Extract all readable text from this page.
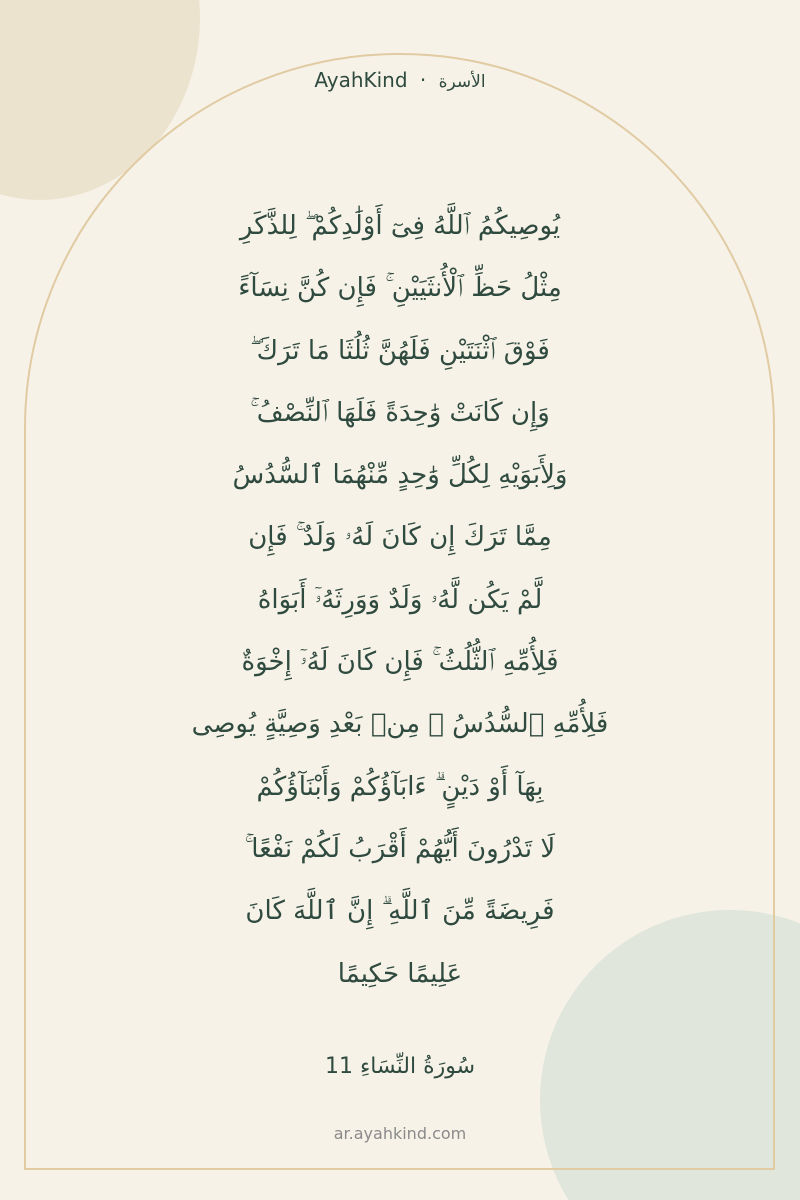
AyahKind · الأسرة
يُوصِيكُمُ ٱللَّهُ فِىٓ أَوْلَٰدِكُمْ ۖ لِلذَّكَرِ
مِثْلُ حَظِّ ٱلْأُنثَيَيْنِ ۚ فَإِن كُنَّ نِسَآءً
فَوْقَ ٱثْنَتَيْنِ فَلَهُنَّ ثُلُثَا مَا تَرَكَ ۖ
وَإِن كَانَتْ وَٰحِدَةً فَلَهَا ٱلنِّصْفُ ۚ
وَلِأَبَوَيْهِ لِكُلِّ وَٰحِدٍ مِّنْهُمَا ٱلسُّدُسُ
مِمَّا تَرَكَ إِن كَانَ لَهُۥ وَلَدٌ ۚ فَإِن
لَّمْ يَكُن لَّهُۥ وَلَدٌ وَوَرِثَهُۥٓ أَبَوَاهُ
فَلِأُمِّهِ ٱلثُّلُثُ ۚ فَإِن كَانَ لَهُۥٓ إِخْوَةٌ
فَلِأُمِّهِ ٱلسُّدُسُ ۚ مِنۢ بَعْدِ وَصِيَّةٍ يُوصِى
بِهَآ أَوْ دَيْنٍ ۗ ءَابَآؤُكُمْ وَأَبْنَآؤُكُمْ
لَا تَدْرُونَ أَيُّهُمْ أَقْرَبُ لَكُمْ نَفْعًا ۚ
فَرِيضَةً مِّنَ ٱللَّهِ ۗ إِنَّ ٱللَّهَ كَانَ
عَلِيمًا حَكِيمًا
سُورَةُ النِّسَاءِ 11
ar.ayahkind.com
